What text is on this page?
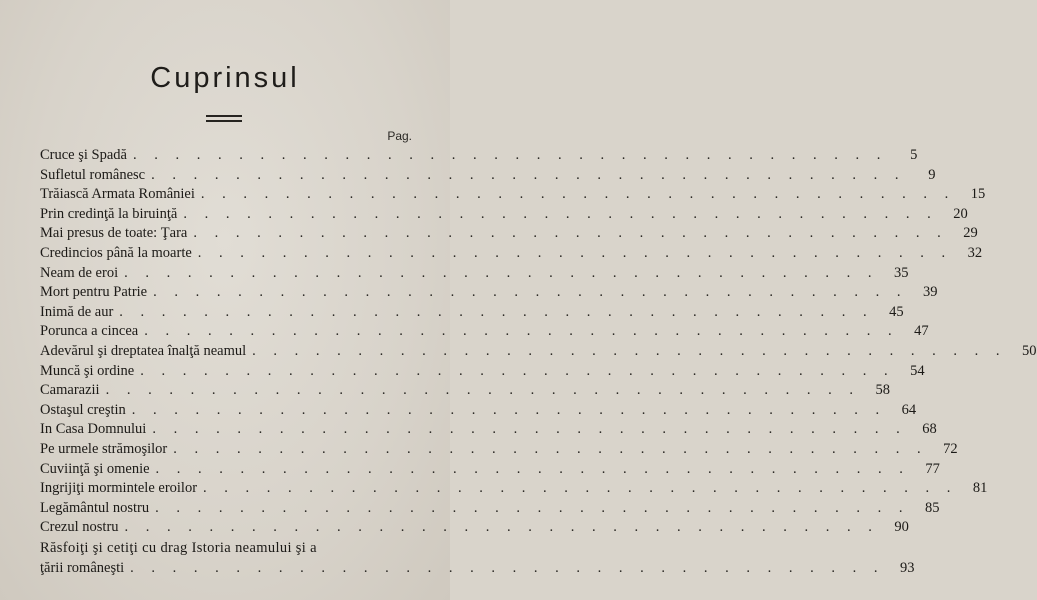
Cuprinsul
Pag.
Cruce şi Spadă . . . . . . . . . . . . . . . . . . . . . . . . . . . . . . . . . . . .	5
Sufletul românesc . . . . . . . . . . . . . . . . . . . . . . . . . . . . . . . . . . . .	9
Trăiască Armata României . . . . . . . . . . . . . . . . . . . . . . . . . . . . . . . . . . . .	15
Prin credinţă la biruinţă . . . . . . . . . . . . . . . . . . . . . . . . . . . . . . . . . . . .	20
Mai presus de toate: Ţara . . . . . . . . . . . . . . . . . . . . . . . . . . . . . . . . . . . .	29
Credincios până la moarte . . . . . . . . . . . . . . . . . . . . . . . . . . . . . . . . . . . .	32
Neam de eroi . . . . . . . . . . . . . . . . . . . . . . . . . . . . . . . . . . . .	35
Mort pentru Patrie . . . . . . . . . . . . . . . . . . . . . . . . . . . . . . . . . . . .	39
Inimă de aur . . . . . . . . . . . . . . . . . . . . . . . . . . . . . . . . . . . .	45
Porunca a cincea . . . . . . . . . . . . . . . . . . . . . . . . . . . . . . . . . . . .	47
Adevărul şi dreptatea înalţă neamul . . . . . . . . . . . . . . . . . . . . . . . . . . . . . . . . . . . .	50
Muncă şi ordine . . . . . . . . . . . . . . . . . . . . . . . . . . . . . . . . . . . .	54
Camarazii . . . . . . . . . . . . . . . . . . . . . . . . . . . . . . . . . . . .	58
Ostaşul creştin . . . . . . . . . . . . . . . . . . . . . . . . . . . . . . . . . . . .	64
In Casa Domnului . . . . . . . . . . . . . . . . . . . . . . . . . . . . . . . . . . . .	68
Pe urmele strămoşilor . . . . . . . . . . . . . . . . . . . . . . . . . . . . . . . . . . . .	72
Cuviinţă şi omenie . . . . . . . . . . . . . . . . . . . . . . . . . . . . . . . . . . . .	77
Ingrijiţi mormintele eroilor . . . . . . . . . . . . . . . . . . . . . . . . . . . . . . . . . . . .	81
Legământul nostru . . . . . . . . . . . . . . . . . . . . . . . . . . . . . . . . . . . .	85
Crezul nostru . . . . . . . . . . . . . . . . . . . . . . . . . . . . . . . . . . . .	90
Răsfoiţi şi cetiţi cu drag Istoria neamului şi a
ţării româneşti . . . . . . . . . . . . . . . . . . . . . . . . . . . . . . . . . . . .	93
